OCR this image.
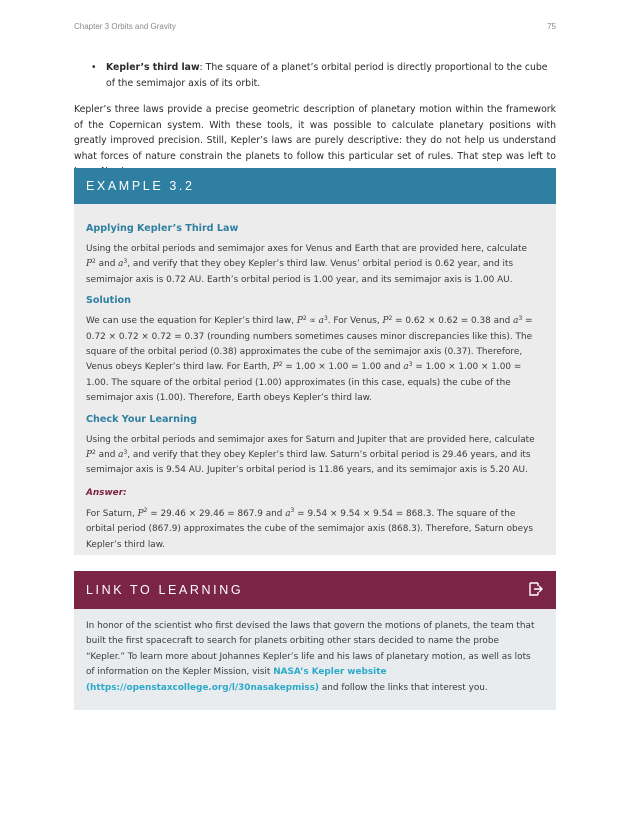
Chapter 3 Orbits and Gravity	75

• Kepler’s third law: The square of a planet’s orbital period is directly proportional to the cube of the semimajor axis of its orbit.

Kepler’s three laws provide a precise geometric description of planetary motion within the framework of the Copernican system. With these tools, it was possible to calculate planetary positions with greatly improved precision. Still, Kepler’s laws are purely descriptive: they do not help us understand what forces of nature constrain the planets to follow this particular set of rules. That step was left to

EXAMPLE 3.2
Applying Kepler’s Third Law

Using the orbital periods and semimajor axes for Venus and Earth that are provided here, calculate $P^2$ and $a^3$, and verify that they obey Kepler’s third law. Venus’ orbital period is 0.62 year, and its semimajor axis is 0.72 AU. Earth’s orbital period is 1.00 year, and its semimajor axis is 1.00 AU.

Solution

We can use the equation for Kepler’s third law, $P^2 \propto a^3$. For Venus, $P^2 = 0.62 \times 0.62 = 0.38$ and $a^3 = 0.72 \times 0.72 \times 0.72 = 0.37$ (rounding numbers sometimes causes minor discrepancies like this). The square of the orbital period (0.38) approximates the cube of the semimajor axis (0.37). Therefore, Venus obeys Kepler’s third law. For Earth, $P^2 = 1.00 \times 1.00 = 1.00$ and $a^3 = 1.00 \times 1.00 \times 1.00 = 1.00$. The square of the orbital period (1.00) approximates (in this case, equals) the cube of the semimajor axis (1.00). Therefore, Earth obeys Kepler’s third law.

Check Your Learning

Using the orbital periods and semimajor axes for Saturn and Jupiter that are provided here, calculate $P^2$ and $a^3$, and verify that they obey Kepler’s third law. Saturn’s orbital period is 29.46 years, and its semimajor axis is 9.54 AU. Jupiter’s orbital period is 11.86 years, and its semimajor axis is 5.20 AU.

Answer:

For Saturn, $P^2 = 29.46 \times 29.46 = 867.9$ and $a^3 = 9.54 \times 9.54 \times 9.54 = 868.3$. The square of the orbital period (867.9) approximates the cube of the semimajor axis (868.3). Therefore, Saturn obeys Kepler’s third law.

LINK TO LEARNING
In honor of the scientist who first devised the laws that govern the motions of planets, the team that built the first spacecraft to search for planets orbiting other stars decided to name the probe “Kepler.” To learn more about Johannes Kepler’s life and his laws of planetary motion, as well as lots of information on the Kepler Mission, visit NASA’s Kepler website (https://openstaxcollege.org/l/30nasakepmiss) and follow the links that interest you.
